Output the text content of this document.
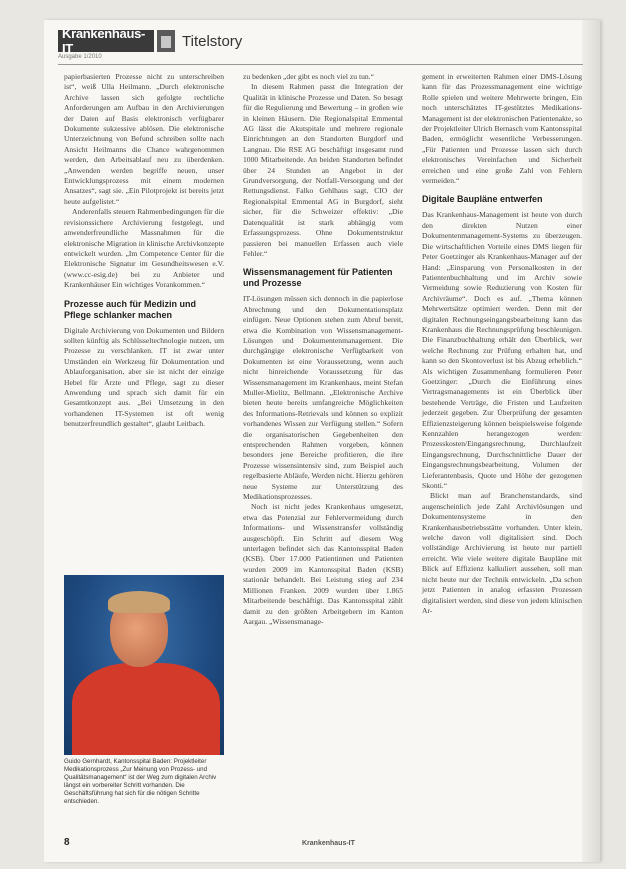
Krankenhaus-IT
Ausgabe 1/2010
Titelstory

papierbasierten Prozesse nicht zu unterschreiben ist“, weiß Ulla Heilmann. „Durch elektronische Archive lassen sich gefolgte rechtliche Anforderungen am Aufbau in den Archivierungen der Daten auf Basis elektronisch verfügbarer Dokumente sukzessive ablösen. Die elektronische Unterzeichnung von Befund schreiben sollte nach Ansicht Heilmanns die Chance wahrgenommen werden, den Arbeitsablauf neu zu überdenken. „Anwenden werden begriffe neuen, unser Entwicklungsprozess mit einem modernen Ansatzes“, sagt sie. „Ein Pilotprojekt ist bereits jetzt heute aufgelistet.“

Anderenfalls steuern Rahmenbedingungen für die revisionssichere Archivierung festgelegt, und anwenderfreundliche Massnahmen für die elektronische Migration in klinische Archivkonzepte entwickelt wurden. „Im Competence Center für die Elektronische Signatur im Gesundheitswesen e.V. (www.cc-esig.de) bei zu Anbieter und Krankenhäuser Ein wichtiges Vorankommen.“

Prozesse auch für Medizin und Pflege schlanker machen

Digitale Archivierung von Dokumenten und Bildern sollten künftig als Schlüsseltechnologie nutzen, um Prozesse zu verschlanken. IT ist zwar unter Umständen ein Werkzeug für Dokumentation und Ablauforganisation, aber sie ist nicht der einzige Hebel für Ärzte und Pflege, sagt zu dieser Anwendung und sprach sich damit für ein Gesamtkonzept aus. „Bei Umsetzung in den vorhandenen IT-Systemen ist oft wenig benutzerfreundlich gestaltet“, glaubt Leitbach.

Guido Gernhardt, Kantonsspital Baden: Projektleiter Medikationsprozess „Zur Meinung von Prozess- und Qualitätsmanagement“ ist der Weg zum digitalen Archiv längst ein vorbereiter Schritt vorhanden. Die Geschäftsführung hat sich für die nötigen Schritte entschieden.

zu bedenken „der gibt es noch viel zu tun.“

In diesem Rahmen passt die Integration der Qualität in klinische Prozesse und Daten. So besagt für die Regulierung und Bewertung – in großen wie in kleinen Häusern. Die Regionalspital Emmental AG lässt die Akutspitale und mehrere regionale Einrichtungen an den Standorten Burgdorf und Langnau. Die RSE AG beschäftigt insgesamt rund 1000 Mitarbeitende. An beiden Standorten befindet über 24 Stunden an Angebot in der Grundversorgung, der Notfall-Versorgung und der Rettungsdienst. Falko Gehlhaus sagt, CIO der Regionalspital Emmental AG in Burgdorf, sieht sicher, für die Schweizer effektiv: „Die Datenqualität ist stark abhängig vom Erfassungsprozess. Ohne Dokumentstruktur passieren bei manuellen Erfassen auch viele Fehler.“

Wissensmanagement für Patienten und Prozesse

IT-Lösungen müssen sich dennoch in die papierlose Abrechnung und den Dokumentationsplatz einfügen. Neue Optionen stehen zum Abruf bereit, etwa die Kombination von Wissensmanagement-Lösungen und Dokumentenmanagement. Die durchgängige elektronische Verfügbarkeit von Dokumenten ist eine Voraussetzung, wenn auch nicht hinreichende Voraussetzung für das Wissensmanagement im Krankenhaus, meint Stefan Muller-Mielitz, Bellmann. „Elektronische Archive bieten heute bereits umfangreiche Möglichkeiten des Informations-Retrievals und können so explizit vorhandenes Wissen zur Verfügung stellen.“ Sofern die organisatorischen Gegebenheiten den entsprechenden Rahmen vorgeben, können besonders jene Bereiche profitieren, die ihre Prozesse wissensintensiv sind, zum Beispiel auch regelbasierte Abläufe, Werden nicht. Hierzu gehören neue Systeme zur Unterstützung des Medikationsprozesses.

Noch ist nicht jedes Krankenhaus umgesetzt, etwa das Potenzial zur Fehlervermeidung durch Informations- und Wissenstransfer vollständig ausgeschöpft. Ein Schritt auf diesem Weg unterlagen befindet sich das Kantonsspital Baden (KSB). Über 17.000 Patientinnen und Patienten wurden 2009 im Kantonsspital Baden (KSB) stationär behandelt. Bei Leistung stieg auf 234 Millionen Franken. 2009 wurden über 1.865 Mitarbeitende beschäftigt. Das Kantonsspital zählt damit zu den größten Arbeitgebern im Kanton Aargau. „Wissensmanage-

gement in erweiterten Rahmen einer DMS-Lösung kann für das Prozessmanagement eine wichtige Rolle spielen und weitere Mehrwerte bringen, Ein noch unterschätztes IT-gestütztes Medikations-Management ist der elektronischen Patientenakte, so der Projektleiter Ulrich Bernasch vom Kantonsspital Baden, ermöglicht wesentliche Verbesserungen. „Für Patienten und Prozesse lassen sich durch elektronisches Vereinfachen und Sicherheit erreichen und eine große Zahl von Fehlern vermeiden.“

Digitale Baupläne entwerfen

Das Krankenhaus-Management ist heute von durch den direkten Nutzen einer Dokumentenmanagement-Systems zu überzeugen. Die wirtschaftlichen Vorteile eines DMS liegen für Peter Goetzinger als Krankenhaus-Manager auf der Hand: „Einsparung von Personalkosten in der Patientenbuchhaltung und im Archiv sowie Vermeidung sowie Reduzierung von Kosten für Archivräume“. Doch es auf. „Thema können Mehrwertsätze optimiert werden. Denn mit der digitalen Rechnungseingangsbearbeitung kann das Krankenhaus die Rechnungsprüfung beschleunigen. Die Finanzbuchhaltung erhält den Überblick, wer welche Rechnung zur Prüfung erhalten hat, und kann so den Skontoverlust ist bis Abzug erheblich.“ Als wichtigen Zusammenhang formulieren Peter Goetzinger: „Durch die Einführung eines Vertragsmanagements ist ein Überblick über bestehende Verträge, die Fristen und Laufzeiten jederzeit gegeben. Zur Überprüfung der gesamten Effizienzsteigerung können beispielsweise folgende Kennzahlen herangezogen werden: Prozesskosten/Eingangsrechnung, Durchlaufzeit Eingangsrechnung, Durchschnittliche Dauer der Eingangsrechnungsbearbeitung, Volumen der Lieferantenbasis, Quote und Höhe der gezogenen Skonti.“

Blickt man auf Branchenstandards, sind augenscheinlich jede Zahl Archivlösungen und Dokumentensysteme in den Krankenhausbetriebsstätte vorhanden. Unter klein, welche davon voll digitalisiert sind. Doch vollständige Archivierung ist heute nur partiell erreicht. Wie viele weitere digitale Baupläne mit Blick auf Effizienz kalkuliert aussehen, soll man nicht heute nur der Technik entwickeln. „Da schon jetzt Patienten in analog erfassten Prozessen digitalisiert werden, sind diese von jedem klinischen Ar-

8	Krankenhaus-IT
